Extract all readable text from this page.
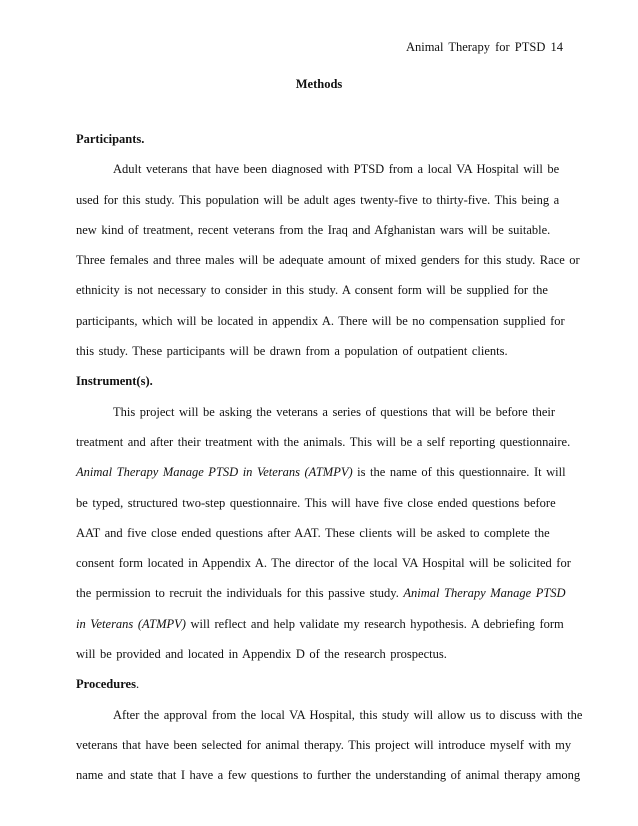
Animal Therapy for PTSD 14
Methods
Participants.
Adult veterans that have been diagnosed with PTSD from a local VA Hospital will be
used for this study. This population will be adult ages twenty-five to thirty-five. This being a
new kind of treatment, recent veterans from the Iraq and Afghanistan wars will be suitable.
Three females and three males will be adequate amount of mixed genders for this study. Race or
ethnicity is not necessary to consider in this study. A consent form will be supplied for the
participants, which will be located in appendix A. There will be no compensation supplied for
this study. These participants will be drawn from a population of outpatient clients.
Instrument(s).
This project will be asking the veterans a series of questions that will be before their
treatment and after their treatment with the animals. This will be a self reporting questionnaire.
Animal Therapy Manage PTSD in Veterans (ATMPV) is the name of this questionnaire. It will
be typed, structured two-step questionnaire. This will have five close ended questions before
AAT and five close ended questions after AAT. These clients will be asked to complete the
consent form located in Appendix A. The director of the local VA Hospital will be solicited for
the permission to recruit the individuals for this passive study. Animal Therapy Manage PTSD
in Veterans (ATMPV) will reflect and help validate my research hypothesis. A debriefing form
will be provided and located in Appendix D of the research prospectus.
Procedures.
After the approval from the local VA Hospital, this study will allow us to discuss with the
veterans that have been selected for animal therapy. This project will introduce myself with my
name and state that I have a few questions to further the understanding of animal therapy among
